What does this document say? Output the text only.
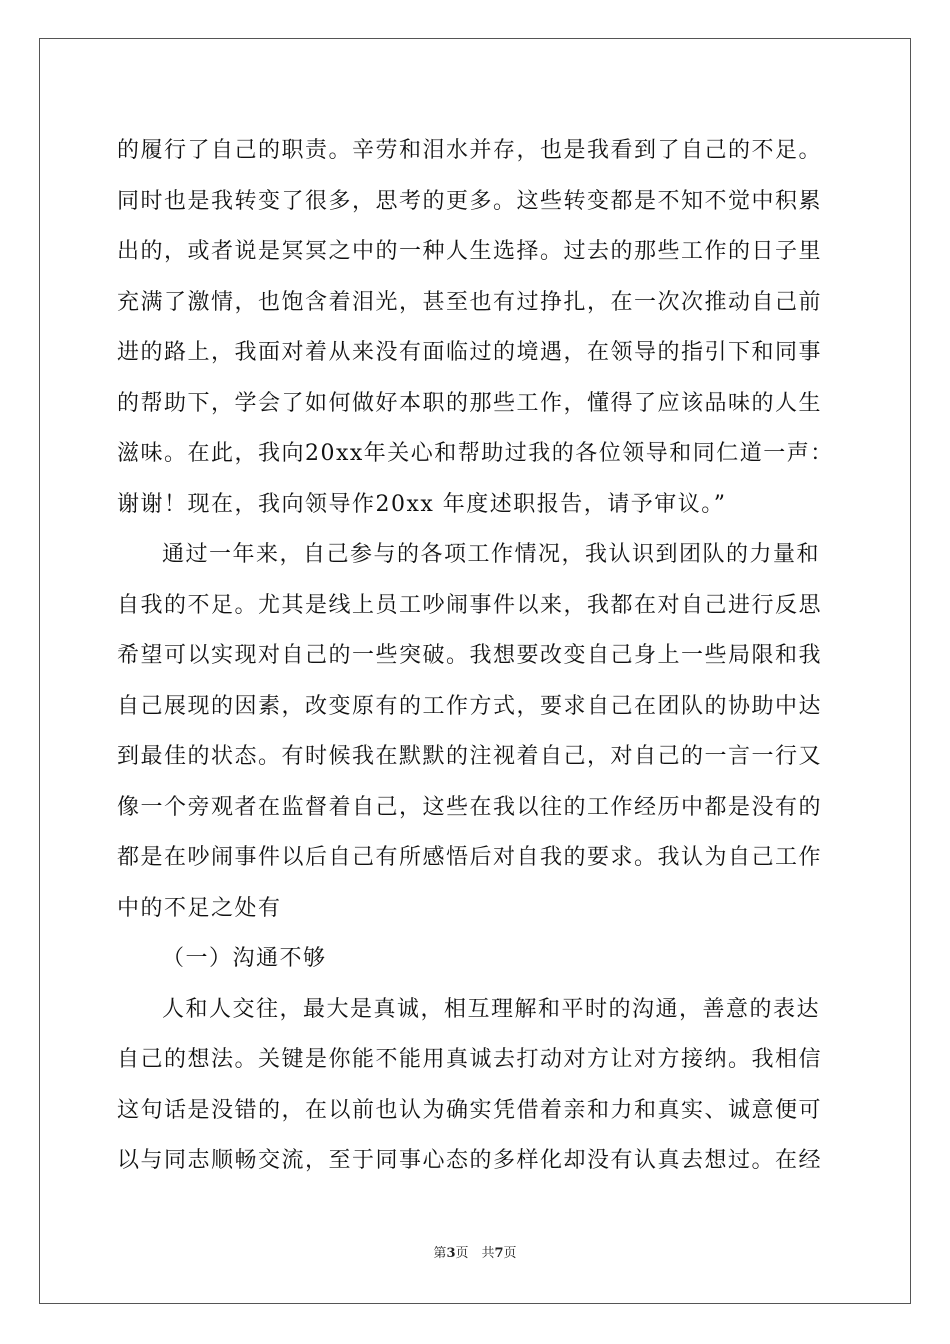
的履行了自己的职责。辛劳和泪水并存，也是我看到了自己的不足。
同时也是我转变了很多，思考的更多。这些转变都是不知不觉中积累
出的，或者说是冥冥之中的一种人生选择。过去的那些工作的日子里
充满了激情，也饱含着泪光，甚至也有过挣扎，在一次次推动自己前
进的路上，我面对着从来没有面临过的境遇，在领导的指引下和同事
的帮助下，学会了如何做好本职的那些工作，懂得了应该品味的人生
滋味。在此，我向20xx年关心和帮助过我的各位领导和同仁道一声：
谢谢！现在，我向领导作20xx 年度述职报告，请予审议。”
通过一年来，自己参与的各项工作情况，我认识到团队的力量和
自我的不足。尤其是线上员工吵闹事件以来，我都在对自己进行反思
希望可以实现对自己的一些突破。我想要改变自己身上一些局限和我
自己展现的因素，改变原有的工作方式，要求自己在团队的协助中达
到最佳的状态。有时候我在默默的注视着自己，对自己的一言一行又
像一个旁观者在监督着自己，这些在我以往的工作经历中都是没有的
都是在吵闹事件以后自己有所感悟后对自我的要求。我认为自己工作
中的不足之处有
（一）沟通不够
人和人交往，最大是真诚，相互理解和平时的沟通，善意的表达
自己的想法。关键是你能不能用真诚去打动对方让对方接纳。我相信
这句话是没错的，在以前也认为确实凭借着亲和力和真实、诚意便可
以与同志顺畅交流，至于同事心态的多样化却没有认真去想过。在经
第3页　共7页
